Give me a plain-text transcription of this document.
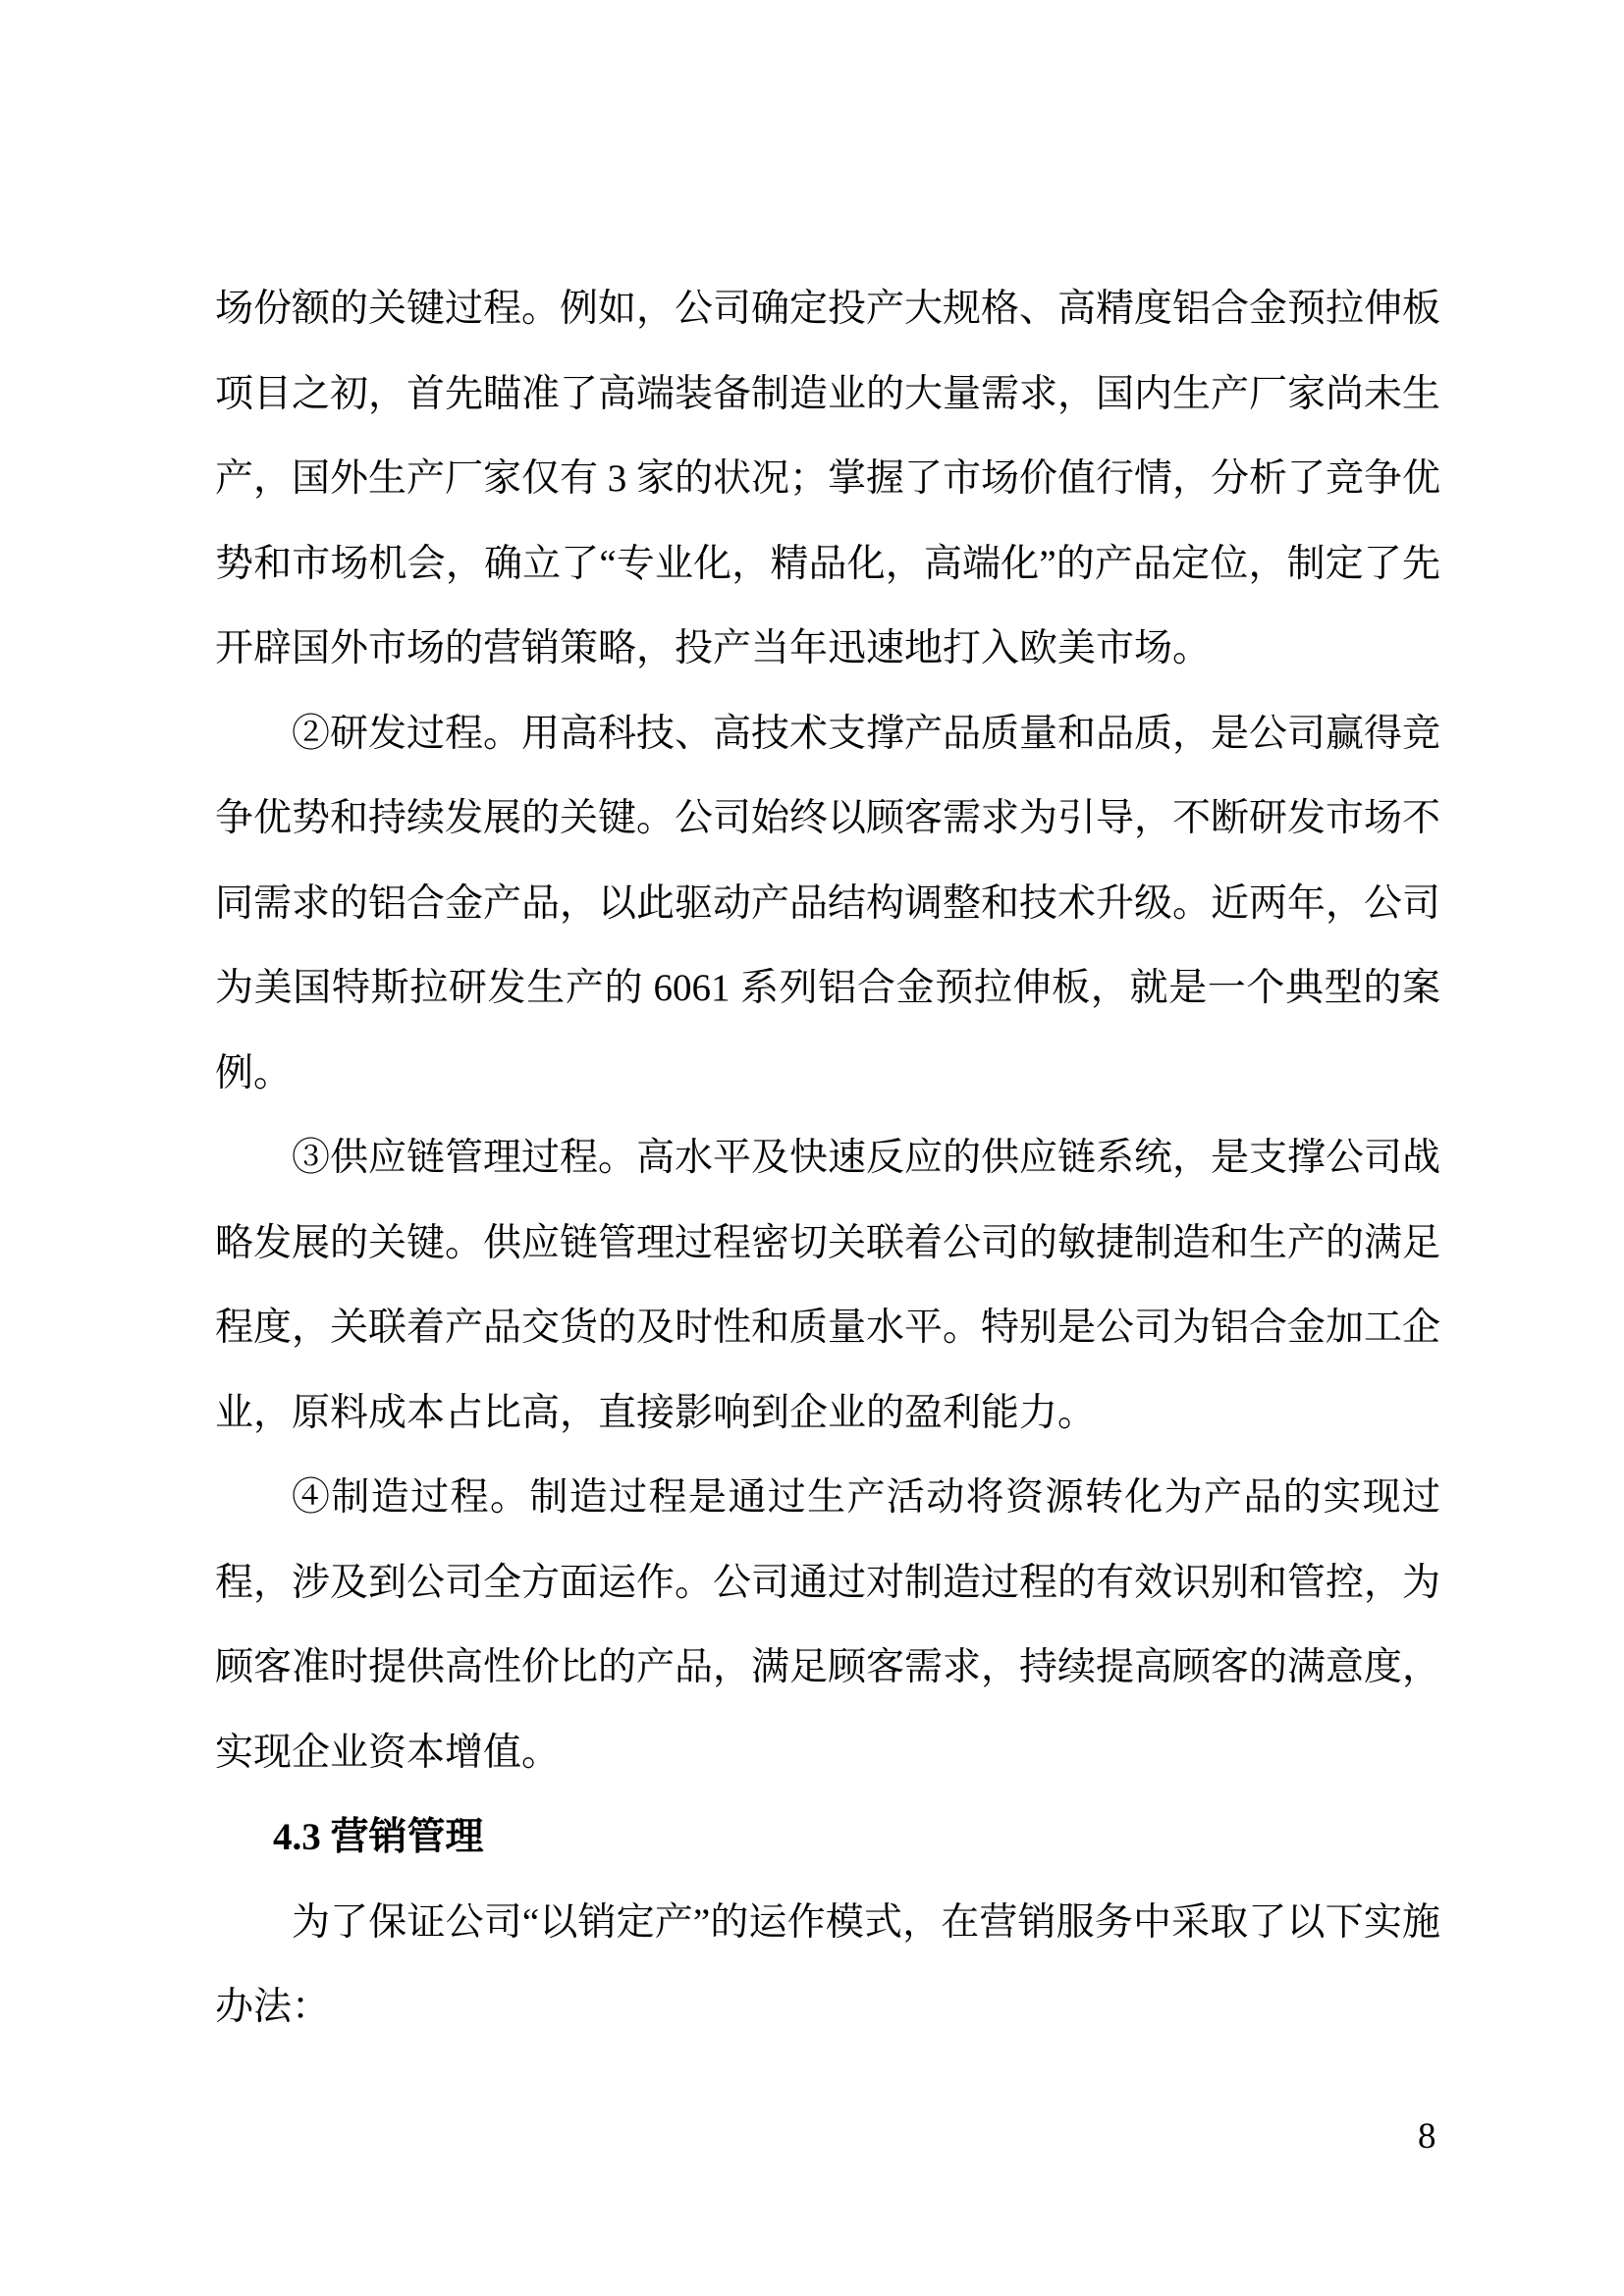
场份额的关键过程。例如，公司确定投产大规格、高精度铝合金预拉伸板项目之初，首先瞄准了高端装备制造业的大量需求，国内生产厂家尚未生产，国外生产厂家仅有 3 家的状况；掌握了市场价值行情，分析了竞争优势和市场机会，确立了“专业化，精品化，高端化”的产品定位，制定了先开辟国外市场的营销策略，投产当年迅速地打入欧美市场。

②研发过程。用高科技、高技术支撑产品质量和品质，是公司赢得竞争优势和持续发展的关键。公司始终以顾客需求为引导，不断研发市场不同需求的铝合金产品，以此驱动产品结构调整和技术升级。近两年，公司为美国特斯拉研发生产的 6061 系列铝合金预拉伸板，就是一个典型的案例。

③供应链管理过程。高水平及快速反应的供应链系统，是支撑公司战略发展的关键。供应链管理过程密切关联着公司的敏捷制造和生产的满足程度，关联着产品交货的及时性和质量水平。特别是公司为铝合金加工企业，原料成本占比高，直接影响到企业的盈利能力。

④制造过程。制造过程是通过生产活动将资源转化为产品的实现过程，涉及到公司全方面运作。公司通过对制造过程的有效识别和管控，为顾客准时提供高性价比的产品，满足顾客需求，持续提高顾客的满意度，实现企业资本增值。

4.3 营销管理

为了保证公司“以销定产”的运作模式，在营销服务中采取了以下实施办法：

8
